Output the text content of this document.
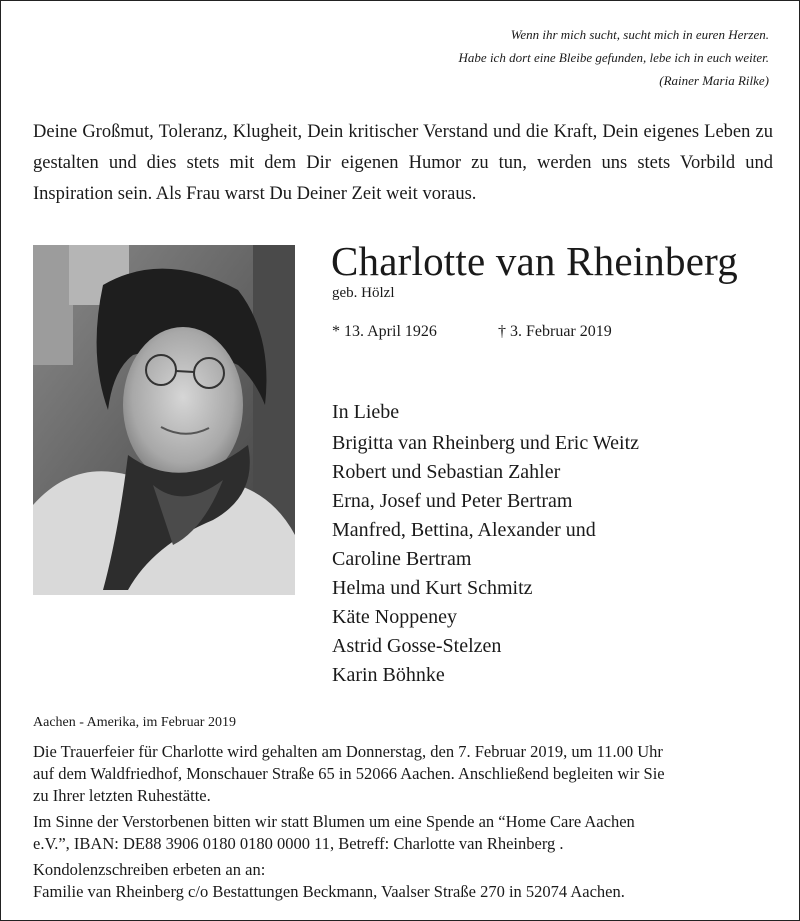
Wenn ihr mich sucht, sucht mich in euren Herzen.
Habe ich dort eine Bleibe gefunden, lebe ich in euch weiter.
(Rainer Maria Rilke)
Deine Großmut, Toleranz, Klugheit, Dein kritischer Verstand und die Kraft, Dein eigenes Leben zu gestalten und dies stets mit dem Dir eigenen Humor zu tun, werden uns stets Vorbild und Inspiration sein. Als Frau warst Du Deiner Zeit weit voraus.
Charlotte van Rheinberg
geb. Hölzl
* 13. April 1926	† 3. Februar 2019
In Liebe
Brigitta van Rheinberg und Eric Weitz
Robert und Sebastian Zahler
Erna, Josef und Peter Bertram
Manfred, Bettina, Alexander und
Caroline Bertram
Helma und Kurt Schmitz
Käte Noppeney
Astrid Gosse-Stelzen
Karin Böhnke
Aachen - Amerika, im Februar 2019

Die Trauerfeier für Charlotte wird gehalten am Donnerstag, den 7. Februar 2019, um 11.00 Uhr
auf dem Waldfriedhof, Monschauer Straße 65 in 52066 Aachen. Anschließend begleiten wir Sie
zu Ihrer letzten Ruhestätte.

Im Sinne der Verstorbenen bitten wir statt Blumen um eine Spende an “Home Care Aachen
e.V.”, IBAN: DE88 3906 0180 0180 0000 11, Betreff: Charlotte van Rheinberg .

Kondolenzschreiben erbeten an an:
Familie van Rheinberg c/o Bestattungen Beckmann, Vaalser Straße 270 in 52074 Aachen.
